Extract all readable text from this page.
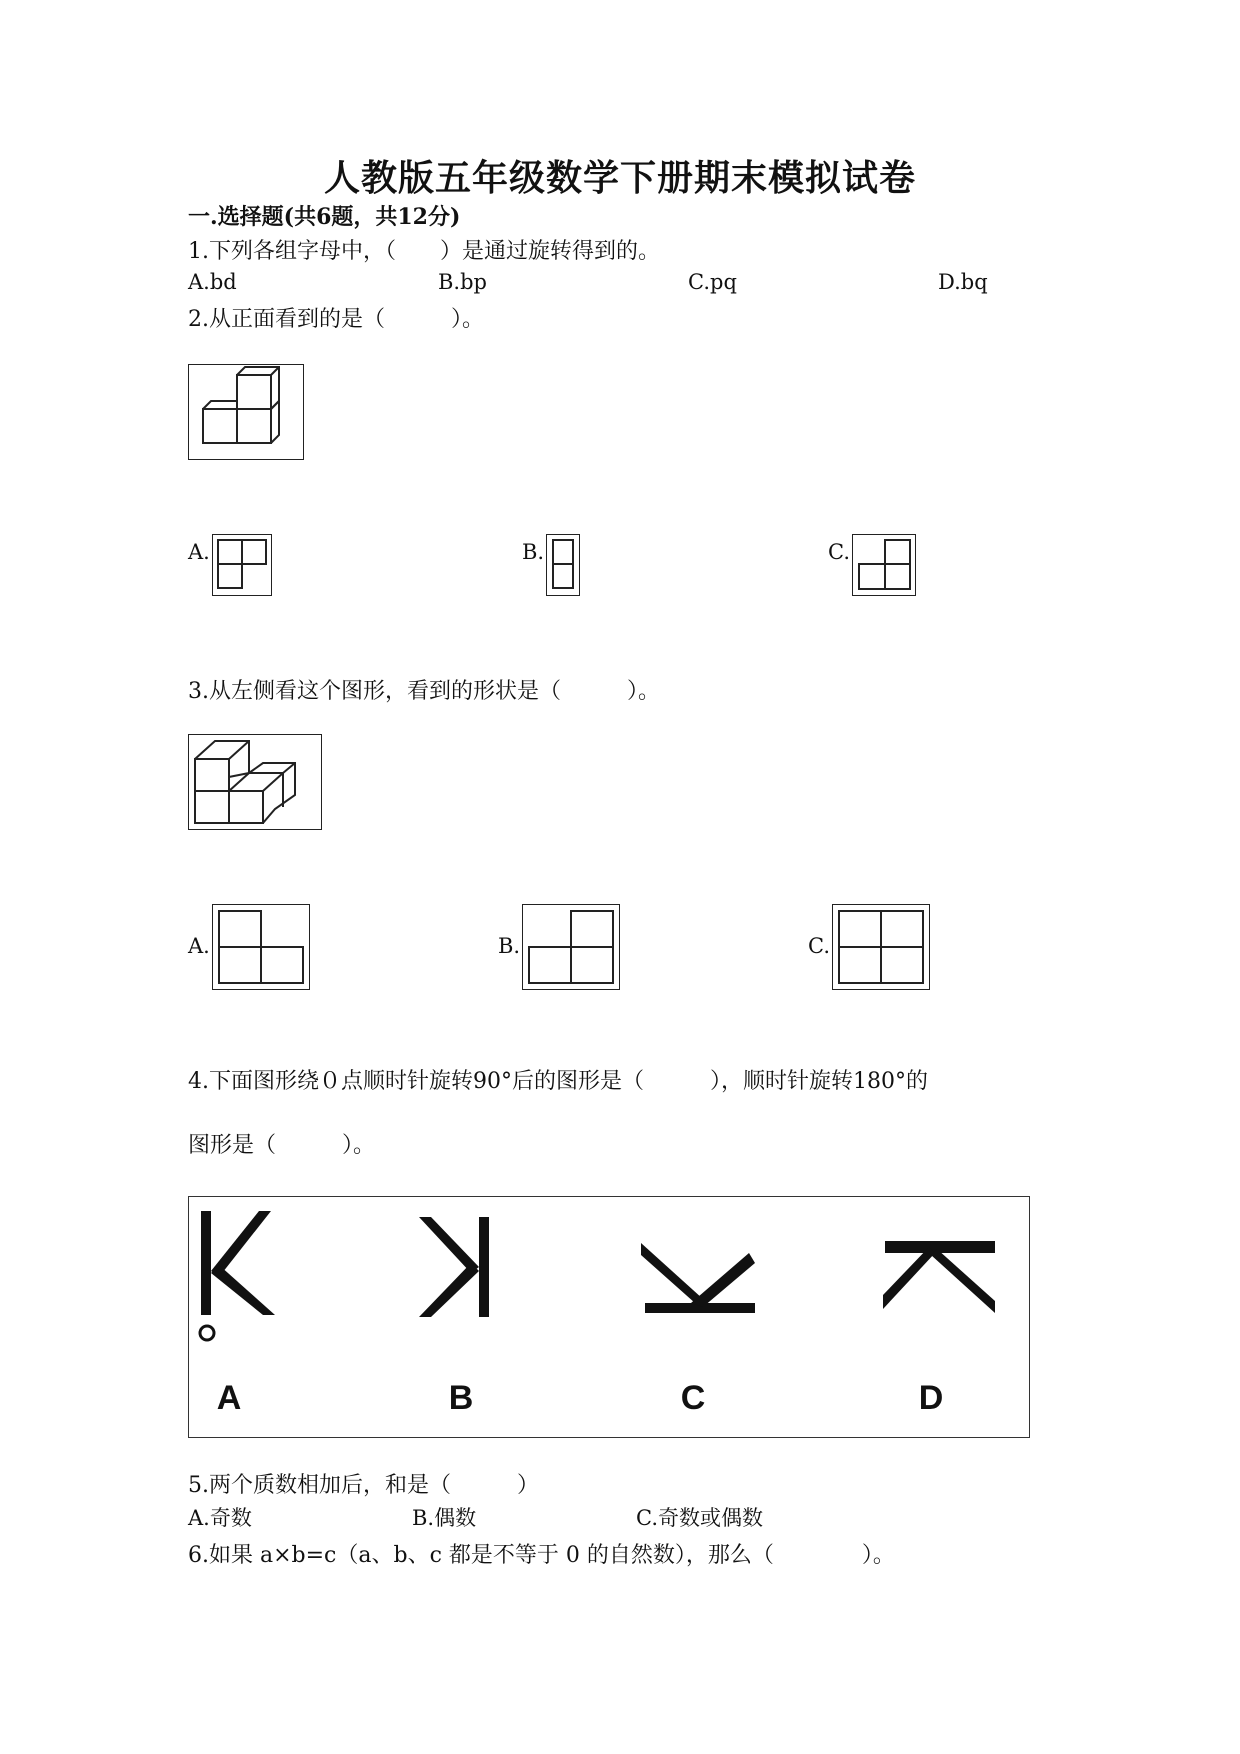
人教版五年级数学下册期末模拟试卷
一.选择题(共6题，共12分)
1.下列各组字母中，（　　）是通过旋转得到的。
A.bd	B.bp	C.pq	D.bq
2.从正面看到的是（　　　）。
A.	B.	C.
3.从左侧看这个图形，看到的形状是（　　　）。
A.	B.	C.
4.下面图形绕０点顺时针旋转90°后的图形是（　　　），顺时针旋转180°的
图形是（　　　）。
A	B	C	D
5.两个质数相加后，和是（　　　）
A.奇数	B.偶数	C.奇数或偶数
6.如果 a×b=c（a、b、c 都是不等于 0 的自然数），那么（　　　　）。
